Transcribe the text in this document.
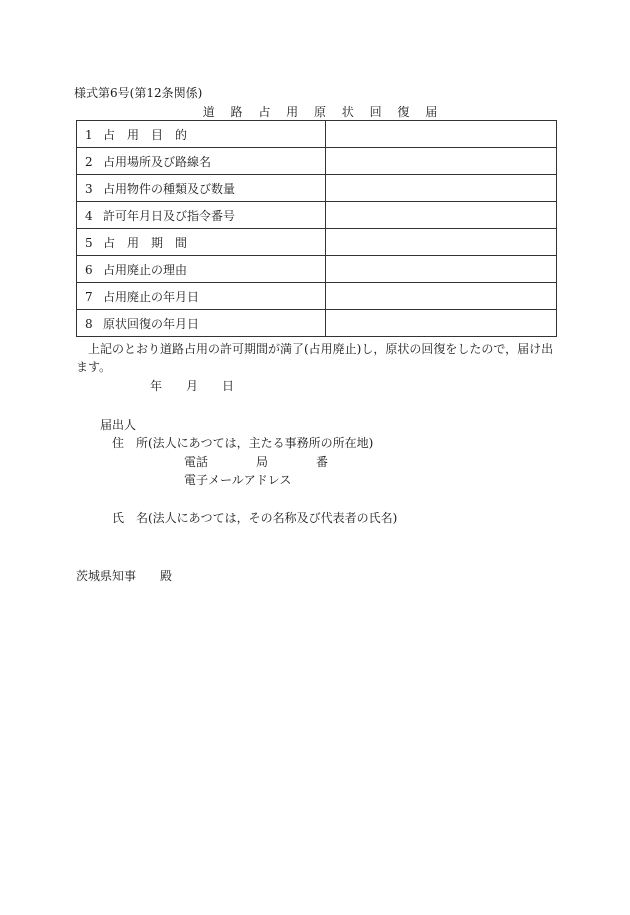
様式第6号(第12条関係)
道 路 占 用 原 状 回 復 届
1 占　用　目　的	
2 占用場所及び路線名	
3 占用物件の種類及び数量	
4 許可年月日及び指令番号	
5 占　用　期　間	
6 占用廃止の理由	
7 占用廃止の年月日	
8 原状回復の年月日	
上記のとおり道路占用の許可期間が満了(占用廃止)し，原状の回復をしたので，届け出ます。
年 月 日
届出人
住　所(法人にあつては，主たる事務所の所在地)
電話	局	番
電子メールアドレス
氏　名(法人にあつては，その名称及び代表者の氏名)
茨城県知事　　殿
